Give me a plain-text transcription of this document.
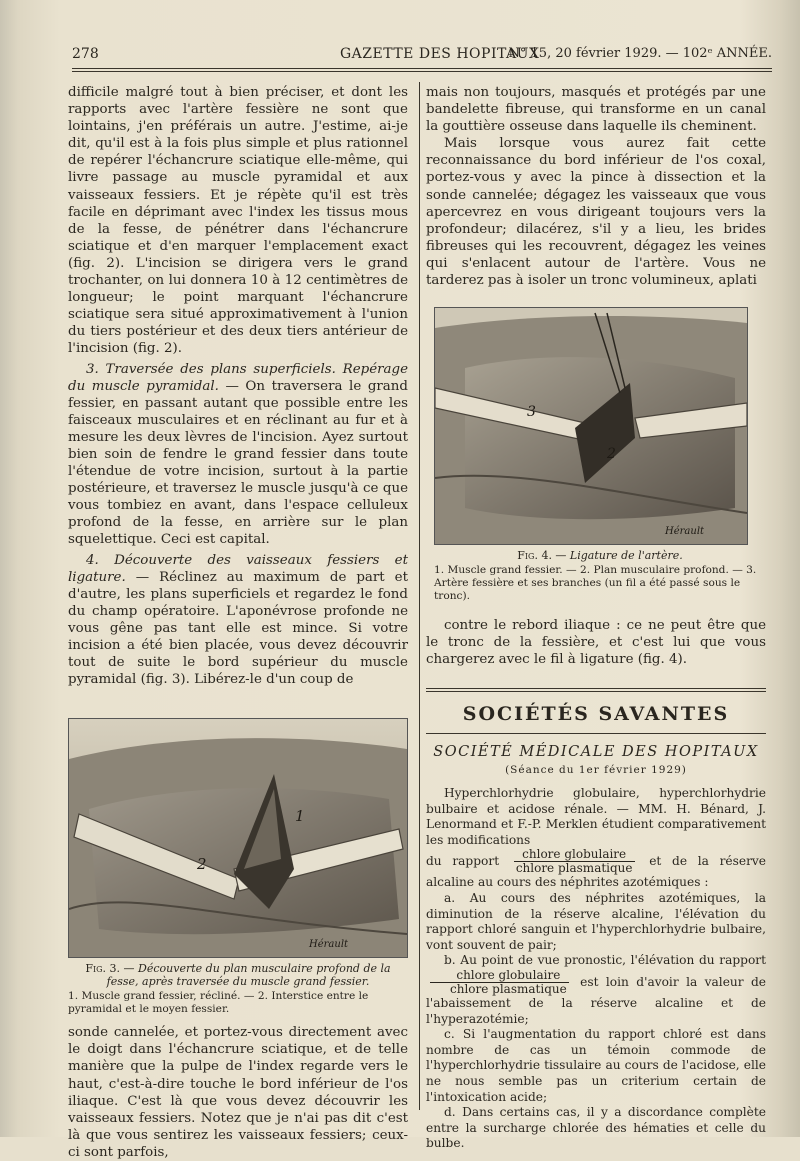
278	GAZETTE DES HOPITAUX
N° 15, 20 février 1929. — 102ᵉ ANNÉE.

difficile malgré tout à bien préciser, et dont les rapports avec l'artère fessière ne sont que lointains, j'en préférais un autre. J'estime, ai-je dit, qu'il est à la fois plus simple et plus rationnel de repérer l'échancrure sciatique elle-même, qui livre passage au muscle pyramidal et aux vaisseaux fessiers. Et je répète qu'il est très facile en déprimant avec l'index les tissus mous de la fesse, de pénétrer dans l'échancrure sciatique et d'en marquer l'emplacement exact (fig. 2). L'incision se dirigera vers le grand trochanter, on lui donnera 10 à 12 centimètres de longueur; le point marquant l'échancrure sciatique sera situé approximativement à l'union du tiers postérieur et des deux tiers antérieur de l'incision (fig. 2).

3. Traversée des plans superficiels. Repérage du muscle pyramidal. — On traversera le grand fessier, en passant autant que possible entre les faisceaux musculaires et en réclinant au fur et à mesure les deux lèvres de l'incision. Ayez surtout bien soin de fendre le grand fessier dans toute l'étendue de votre incision, surtout à la partie postérieure, et traversez le muscle jusqu'à ce que vous tombiez en avant, dans l'espace celluleux profond de la fesse, en arrière sur le plan squelettique. Ceci est capital.

4. Découverte des vaisseaux fessiers et ligature. — Réclinez au maximum de part et d'autre, les plans superficiels et regardez le fond du champ opératoire. L'aponévrose profonde ne vous gêne pas tant elle est mince. Si votre incision a été bien placée, vous devez découvrir tout de suite le bord supérieur du muscle pyramidal (fig. 3). Libérez-le d'un coup de

1
2
Hérault
Fig. 3. — Découverte du plan musculaire profond de la fesse, après traversée du muscle grand fessier.
1. Muscle grand fessier, récliné. — 2. Interstice entre le pyramidal et le moyen fessier.

sonde cannelée, et portez-vous directement avec le doigt dans l'échancrure sciatique, et de telle manière que la pulpe de l'index regarde vers le haut, c'est-à-dire touche le bord inférieur de l'os iliaque. C'est là que vous devez découvrir les vaisseaux fessiers. Notez que je n'ai pas dit c'est là que vous sentirez les vaisseaux fessiers; ceux-ci sont parfois,

mais non toujours, masqués et protégés par une bandelette fibreuse, qui transforme en un canal la gouttière osseuse dans laquelle ils cheminent.

Mais lorsque vous aurez fait cette reconnaissance du bord inférieur de l'os coxal, portez-vous y avec la pince à dissection et la sonde cannelée; dégagez les vaisseaux que vous apercevrez en vous dirigeant toujours vers la profondeur; dilacérez, s'il y a lieu, les brides fibreuses qui les recouvrent, dégagez les veines qui s'enlacent autour de l'artère. Vous ne tarderez pas à isoler un tronc volumineux, aplati

3
2
Hérault
Fig. 4. — Ligature de l'artère.
1. Muscle grand fessier. — 2. Plan musculaire profond. — 3. Artère fessière et ses branches (un fil a été passé sous le tronc).

contre le rebord iliaque : ce ne peut être que le tronc de la fessière, et c'est lui que vous chargerez avec le fil à ligature (fig. 4).

SOCIÉTÉS SAVANTES
SOCIÉTÉ MÉDICALE DES HOPITAUX
(Séance du 1er février 1929)

Hyperchlorhydrie globulaire, hyperchlorhydrie bulbaire et acidose rénale. — MM. H. Bénard, J. Lenormand et F.-P. Merklen étudient comparativement les modifications

du rapport $\frac{\text{chlore globulaire}}{\text{chlore plasmatique}}$ et de la réserve alcaline au cours des néphrites azotémiques :

a. Au cours des néphrites azotémiques, la diminution de la réserve alcaline, l'élévation du rapport chloré sanguin et l'hyperchlorhydrie bulbaire, vont souvent de pair;

b. Au point de vue pronostic, l'élévation du rapport
$\frac{\text{chlore globulaire}}{\text{chlore plasmatique}}$ est loin d'avoir la valeur de l'abaissement de la réserve alcaline et de l'hyperazotémie;

c. Si l'augmentation du rapport chloré est dans nombre de cas un témoin commode de l'hyperchlorhydrie tissulaire au cours de l'acidose, elle ne nous semble pas un criterium certain de l'intoxication acide;

d. Dans certains cas, il y a discordance complète entre la surcharge chlorée des hématies et celle du bulbe.
